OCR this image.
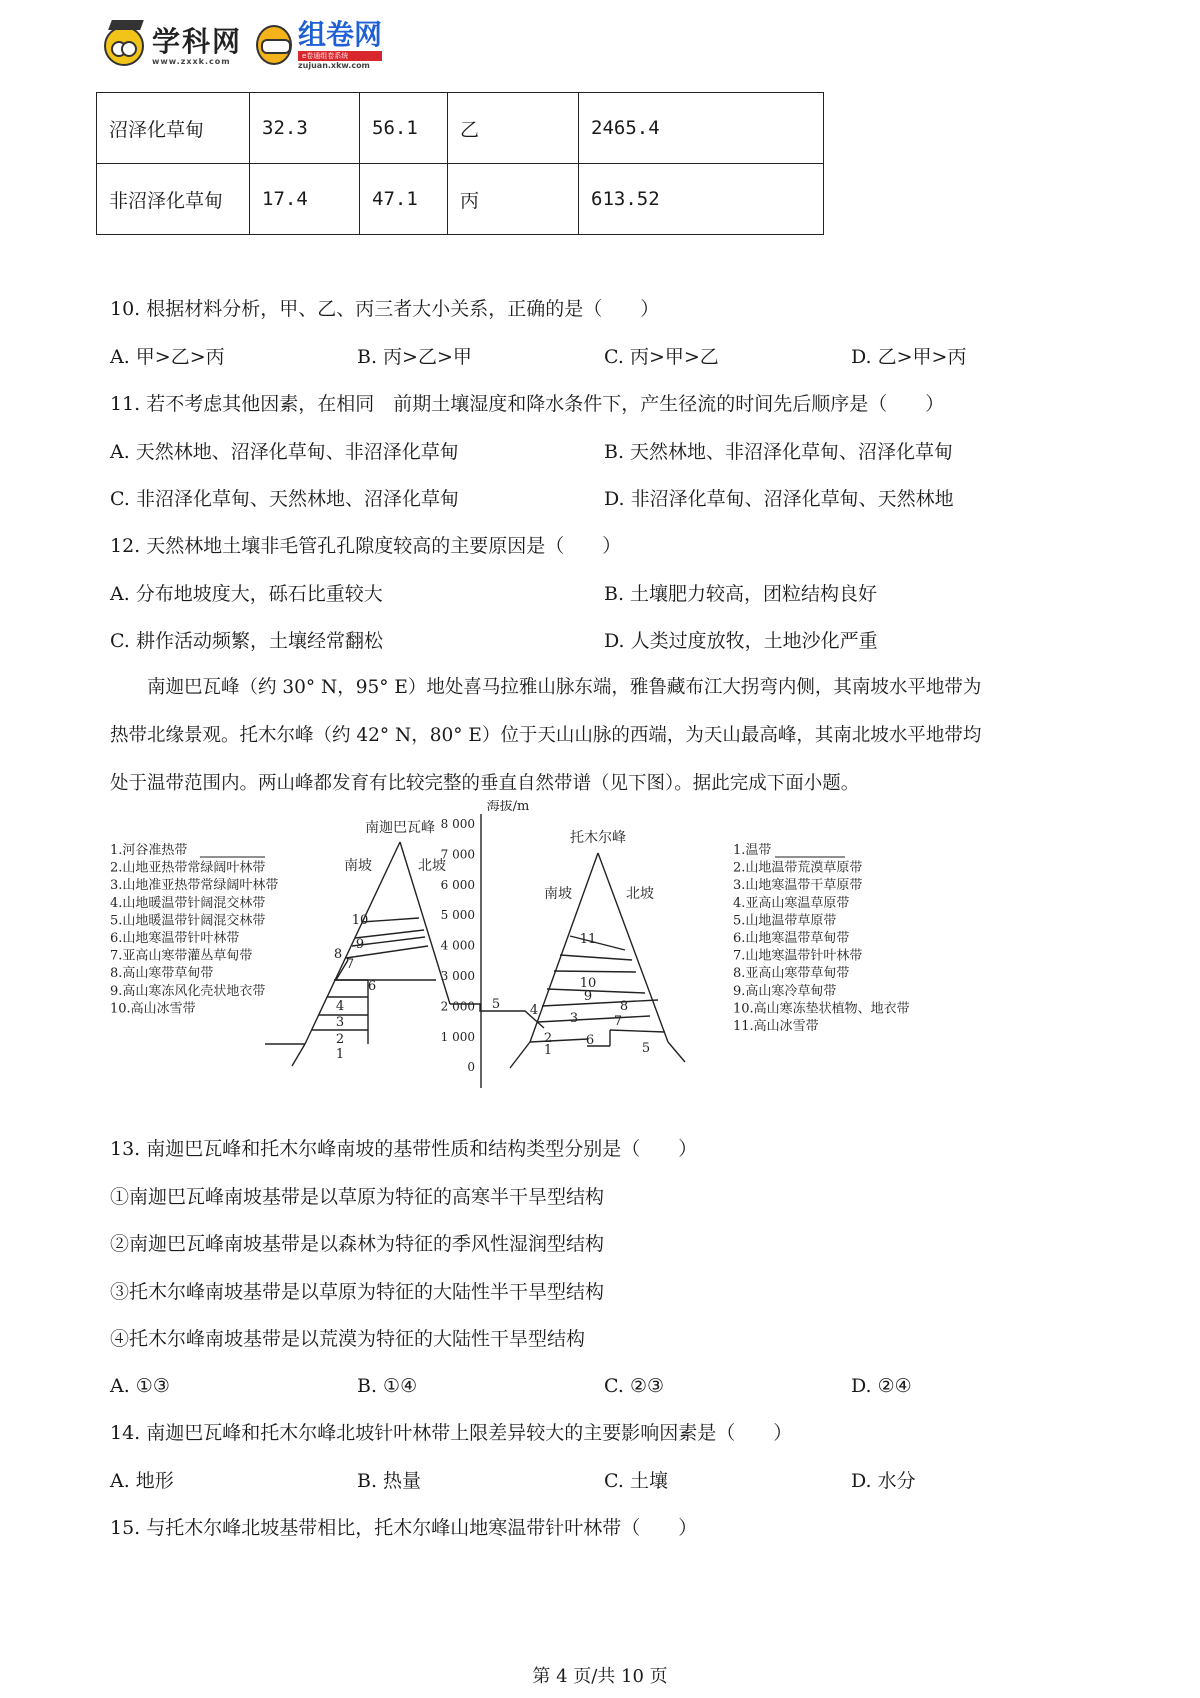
学科网
www.zxxk.com
组卷网
e卷通组卷系统
zujuan.xkw.com
沼泽化草甸	32.3	56.1	乙	2465.4
非沼泽化草甸	17.4	47.1	丙	613.52
10. 根据材料分析，甲、乙、丙三者大小关系，正确的是（　　）
A. 甲>乙>丙	B. 丙>乙>甲	C. 丙>甲>乙	D. 乙>甲>丙
11. 若不考虑其他因素，在相同　前期土壤湿度和降水条件下，产生径流的时间先后顺序是（　　）
A. 天然林地、沼泽化草甸、非沼泽化草甸	B. 天然林地、非沼泽化草甸、沼泽化草甸
C. 非沼泽化草甸、天然林地、沼泽化草甸	D. 非沼泽化草甸、沼泽化草甸、天然林地
12. 天然林地土壤非毛管孔孔隙度较高的主要原因是（　　）
A. 分布地坡度大，砾石比重较大	B. 土壤肥力较高，团粒结构良好
C. 耕作活动频繁，土壤经常翻松	D. 人类过度放牧，土地沙化严重
　　南迦巴瓦峰（约 30° N，95° E）地处喜马拉雅山脉东端，雅鲁藏布江大拐弯内侧，其南坡水平地带为
热带北缘景观。托木尔峰（约 42° N，80° E）位于天山山脉的西端，为天山最高峰，其南北坡水平地带均
处于温带范围内。两山峰都发育有比较完整的垂直自然带谱（见下图）。据此完成下面小题。
1
2
3
4	5
6
7
8
9
10
1
2
3
4
5
6
7
8
9
10
11
8 000
7 000
6 000
5 000
4 000
3 000
2 000
1 000
0
海拔/m
南迦巴瓦峰
南坡	北坡
托木尔峰
南坡	北坡
1.河谷准热带
2.山地亚热带常绿阔叶林带
3.山地准亚热带常绿阔叶林带
4.山地暖温带针阔混交林带
5.山地暖温带针阔混交林带
6.山地寒温带针叶林带
7.亚高山寒带灌丛草甸带
8.高山寒带草甸带
9.高山寒冻风化壳状地衣带
10.高山冰雪带
1.温带
2.山地温带荒漠草原带
3.山地寒温带干草原带
4.亚高山寒温草原带
5.山地温带草原带
6.山地寒温带草甸带
7.山地寒温带针叶林带
8.亚高山寒带草甸带
9.高山寒冷草甸带
10.高山寒冻垫状植物、地衣带
11.高山冰雪带
13. 南迦巴瓦峰和托木尔峰南坡的基带性质和结构类型分别是（　　）
①南迦巴瓦峰南坡基带是以草原为特征的高寒半干旱型结构
②南迦巴瓦峰南坡基带是以森林为特征的季风性湿润型结构
③托木尔峰南坡基带是以草原为特征的大陆性半干旱型结构
④托木尔峰南坡基带是以荒漠为特征的大陆性干旱型结构
A. ①③	B. ①④	C. ②③	D. ②④
14. 南迦巴瓦峰和托木尔峰北坡针叶林带上限差异较大的主要影响因素是（　　）
A. 地形	B. 热量	C. 土壤	D. 水分
15. 与托木尔峰北坡基带相比，托木尔峰山地寒温带针叶林带（　　）
第 4 页/共 10 页
